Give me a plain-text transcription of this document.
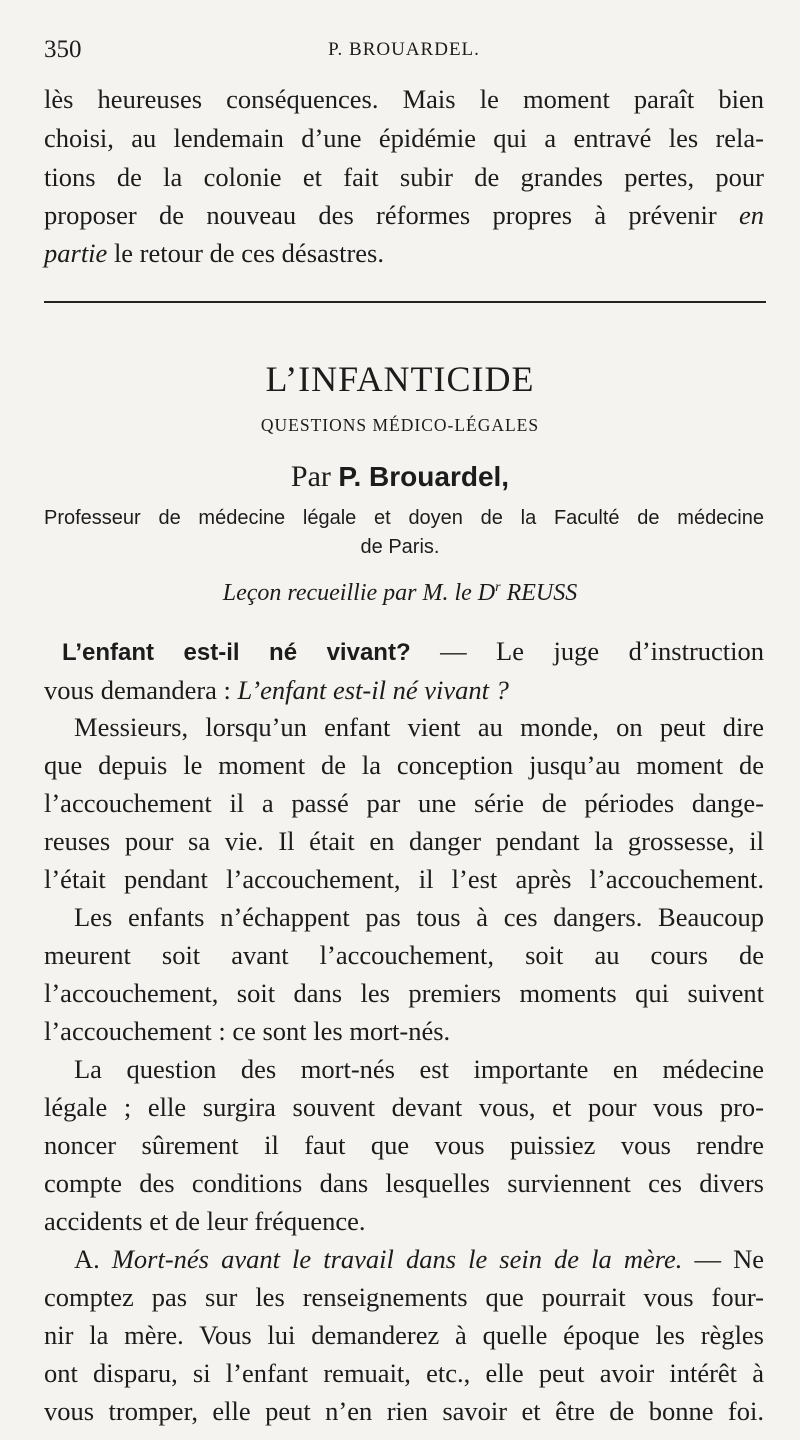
350	P. BROUARDEL.
lès heureuses conséquences. Mais le moment paraît bien
choisi, au lendemain d’une épidémie qui a entravé les rela-
tions de la colonie et fait subir de grandes pertes, pour
proposer de nouveau des réformes propres à prévenir en
partie le retour de ces désastres.
L’INFANTICIDE
QUESTIONS MÉDICO-LÉGALES
Par P. Brouardel,
Professeur de médecine légale et doyen de la Faculté de médecine
de Paris.
Leçon recueillie par M. le $D^r$ REUSS
L’enfant est-il né vivant? — Le juge d’instruction
vous demandera : L’enfant est-il né vivant ?
Messieurs, lorsqu’un enfant vient au monde, on peut dire
que depuis le moment de la conception jusqu’au moment de
l’accouchement il a passé par une série de périodes dange-
reuses pour sa vie. Il était en danger pendant la grossesse, il
l’était pendant l’accouchement, il l’est après l’accouchement.
Les enfants n’échappent pas tous à ces dangers. Beaucoup
meurent soit avant l’accouchement, soit au cours de
l’accouchement, soit dans les premiers moments qui suivent
l’accouchement : ce sont les mort-nés.
La question des mort-nés est importante en médecine
légale ; elle surgira souvent devant vous, et pour vous pro-
noncer sûrement il faut que vous puissiez vous rendre
compte des conditions dans lesquelles surviennent ces divers
accidents et de leur fréquence.
A. Mort-nés avant le travail dans le sein de la mère. — Ne
comptez pas sur les renseignements que pourrait vous four-
nir la mère. Vous lui demanderez à quelle époque les règles
ont disparu, si l’enfant remuait, etc., elle peut avoir intérêt à
vous tromper, elle peut n’en rien savoir et être de bonne foi.
